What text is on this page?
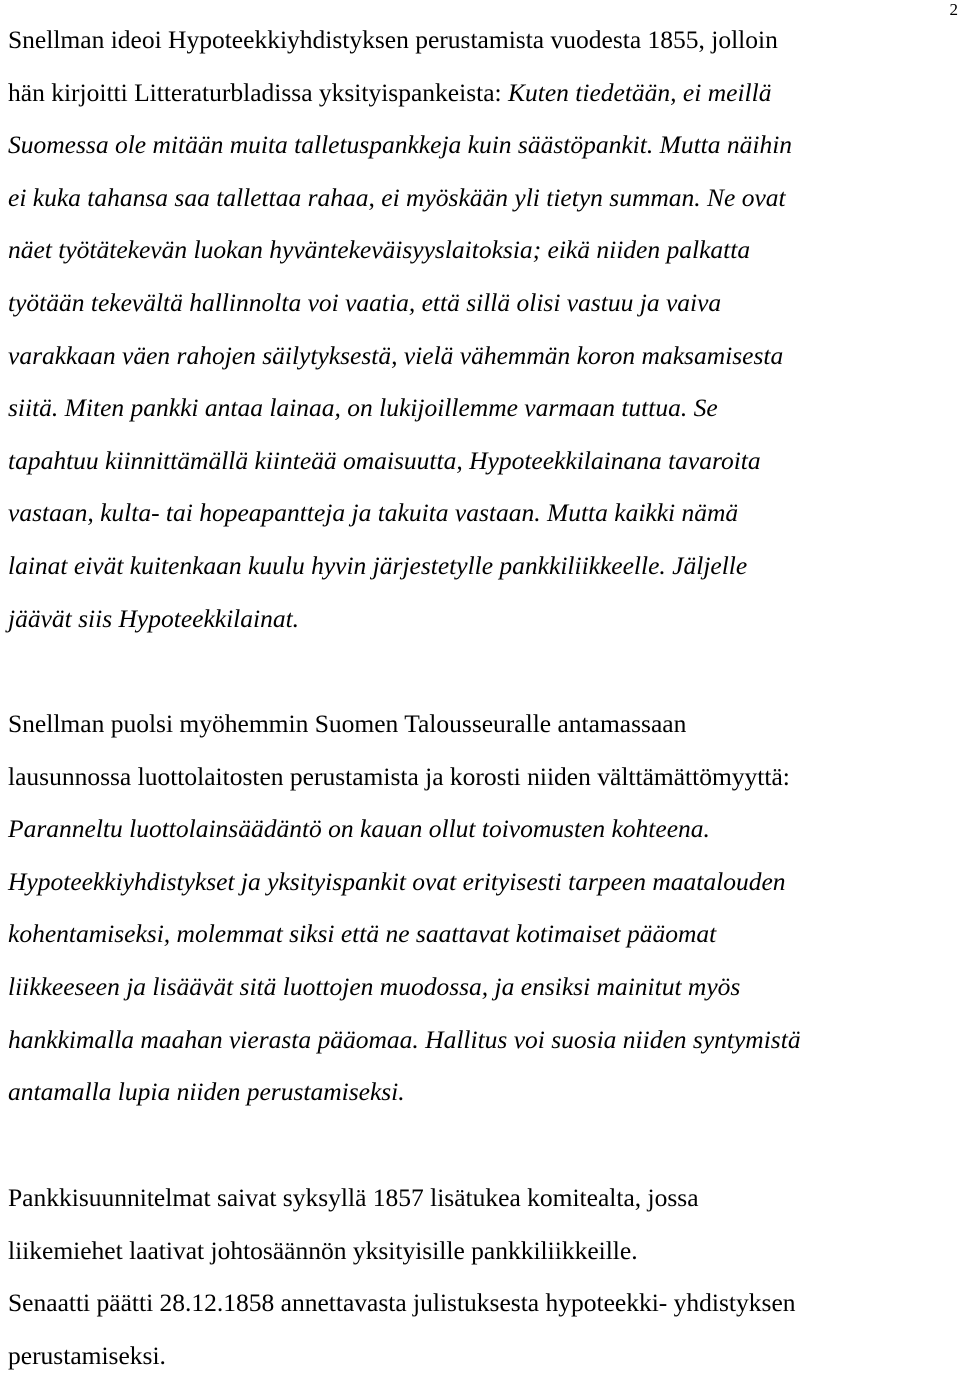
2
Snellman ideoi Hypoteekkiyhdistyksen perustamista vuodesta 1855, jolloin
hän kirjoitti Litteraturbladissa yksityispankeista: Kuten tiedetään, ei meillä
Suomessa ole mitään muita talletuspankkeja kuin säästöpankit. Mutta näihin
ei kuka tahansa saa tallettaa rahaa, ei myöskään yli tietyn summan. Ne ovat
näet työtätekevän luokan hyväntekeväisyyslaitoksia; eikä niiden palkatta
työtään tekevältä hallinnolta voi vaatia, että sillä olisi vastuu ja vaiva
varakkaan väen rahojen säilytyksestä, vielä vähemmän koron maksamisesta
siitä. Miten pankki antaa lainaa, on lukijoillemme varmaan tuttua. Se
tapahtuu kiinnittämällä kiinteää omaisuutta, Hypoteekkilainana tavaroita
vastaan, kulta- tai hopeapantteja ja takuita vastaan. Mutta kaikki nämä
lainat eivät kuitenkaan kuulu hyvin järjestetylle pankkiliikkeelle. Jäljelle
jäävät siis Hypoteekkilainat.
Snellman puolsi myöhemmin Suomen Talousseuralle antamassaan
lausunnossa luottolaitosten perustamista ja korosti niiden välttämättömyyttä:
Paranneltu luottolainsäädäntö on kauan ollut toivomusten kohteena.
Hypoteekkiyhdistykset ja yksityispankit ovat erityisesti tarpeen maatalouden
kohentamiseksi, molemmat siksi että ne saattavat kotimaiset pääomat
liikkeeseen ja lisäävät sitä luottojen muodossa, ja ensiksi mainitut myös
hankkimalla maahan vierasta pääomaa. Hallitus voi suosia niiden syntymistä
antamalla lupia niiden perustamiseksi.
Pankkisuunnitelmat saivat syksyllä 1857 lisätukea komitealta, jossa
liikemiehet laativat johtosäännön yksityisille pankkiliikkeille.
Senaatti päätti 28.12.1858 annettavasta julistuksesta hypoteekki- yhdistyksen
perustamiseksi.
